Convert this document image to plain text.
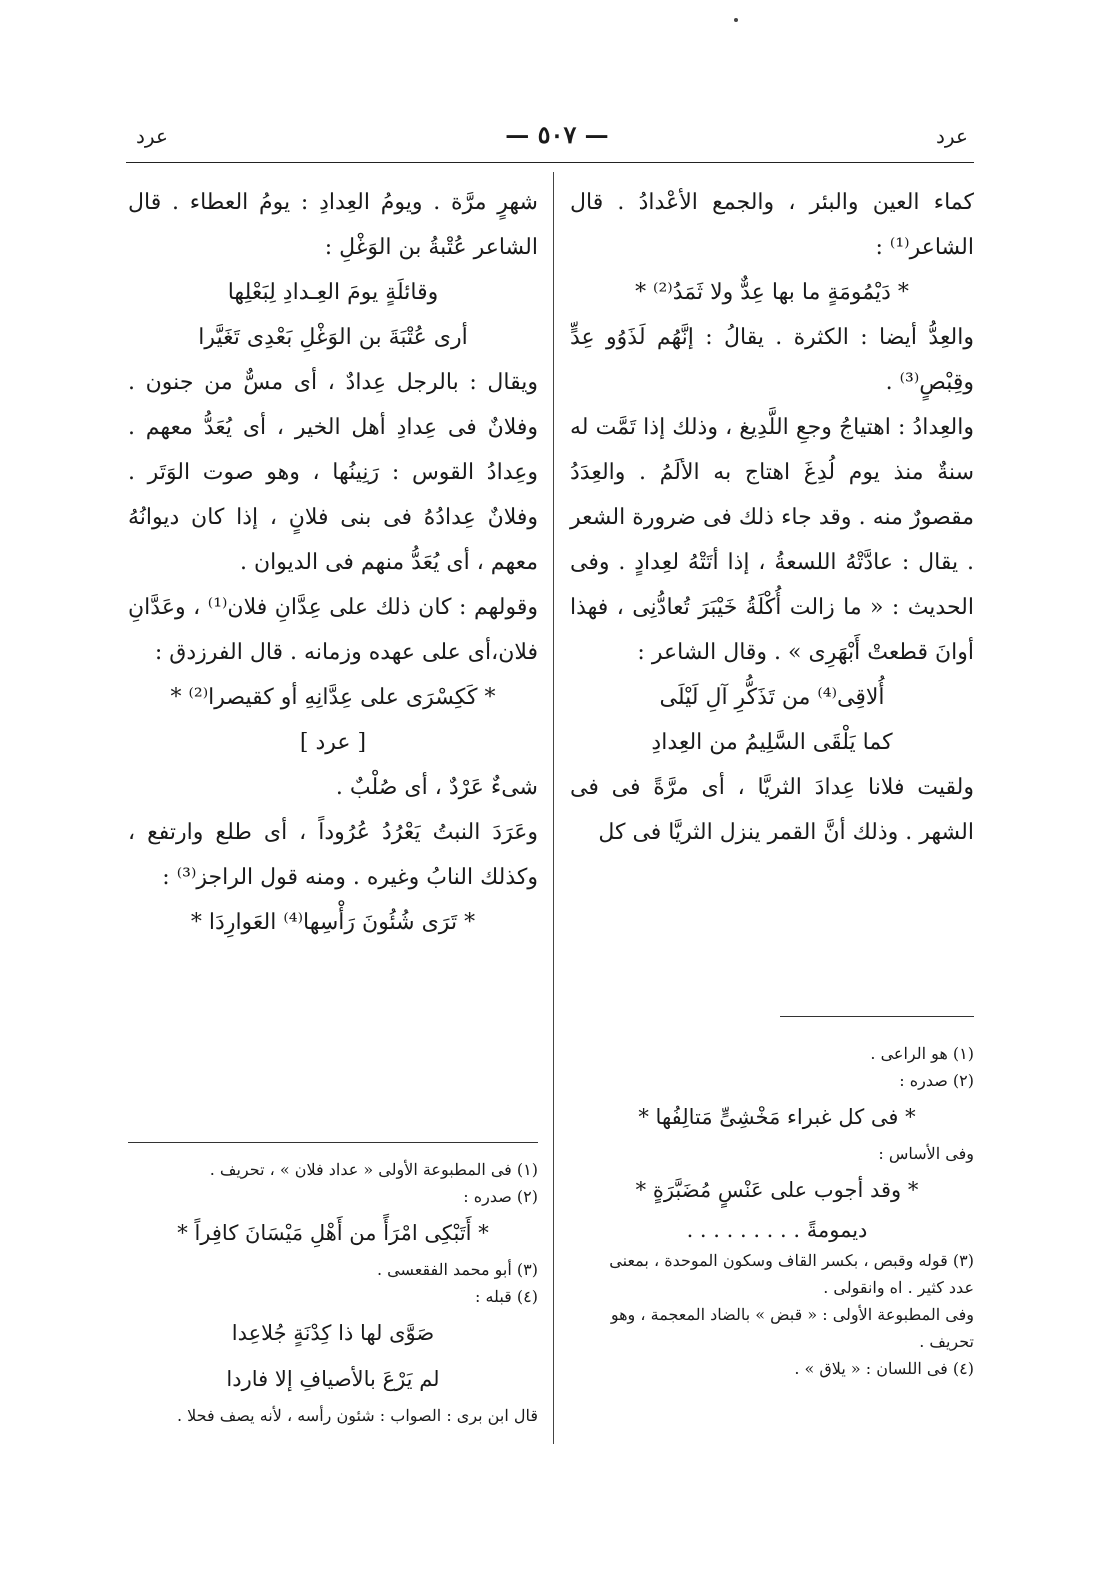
عرد
— ٥٠٧ —
عرد

كماء العين والبئر ، والجمع الأعْدادُ . قال الشاعر⁽¹⁾ :

* دَيْمُومَةٍ ما بها عِدٌّ ولا ثَمَدُ⁽²⁾ *

والعِدُّ أيضا : الكثرة . يقالُ : إنَّهُم لَذَوُو عِدٍّ وقِبْصٍ⁽³⁾ .

والعِدادُ : اهتياجُ وجعِ اللَّدِيغ ، وذلك إذا تَمَّت له سنةٌ منذ يوم لُدِغَ اهتاج به الألَمُ . والعِدَدُ مقصورٌ منه . وقد جاء ذلك فى ضرورة الشعر . يقال : عادَّتْهُ اللسعةُ ، إذا أتَتْهُ لعِدادٍ . وفى الحديث : « ما زالت أُكْلَةُ خَيْبَرَ تُعادُّنِى ، فهذا أوانَ قطعتْ أَبْهَرِى » . وقال الشاعر :

أُلاقِى⁽⁴⁾ من تَذَكُّرِ آلِ لَيْلَى

كما يَلْقَى السَّلِيمُ من العِدادِ

ولقيت فلانا عِدادَ الثريَّا ، أى مرَّةً فى فى الشهر . وذلك أنَّ القمر ينزل الثريَّا فى كل

شهرٍ مرَّة . ويومُ العِدادِ : يومُ العطاء . قال الشاعر عُتْبةُ بن الوَغْلِ :

وقائلَةٍ يومَ العِـدادِ لِبَعْلِها

أرى عُتْبَةَ بن الوَغْلِ بَعْدِى تَغَيَّرا

ويقال : بالرجل عِدادٌ ، أى مسٌّ من جنون . وفلانٌ فى عِدادِ أهل الخير ، أى يُعَدُّ معهم . وعِدادُ القوس : رَنِينُها ، وهو صوت الوَتَر . وفلانٌ عِدادُهُ فى بنى فلانٍ ، إذا كان ديوانُهُ معهم ، أى يُعَدُّ منهم فى الديوان .

وقولهم : كان ذلك على عِدَّانِ فلان⁽¹⁾ ، وعَدَّانِ فلان،أى على عهده وزمانه . قال الفرزدق :

* كَكِسْرَى على عِدَّانِهِ أو كقيصرا⁽²⁾ *

[ عرد ]

شىءٌ عَرْدٌ ، أى صُلْبٌ .

وعَرَدَ النبتُ يَعْرُدُ عُرُوداً ، أى طلع وارتفع ، وكذلك النابُ وغيره . ومنه قول الراجز⁽³⁾ :

* تَرَى شُئُونَ رَأْسِها⁽⁴⁾ العَوارِدَا *

(١) هو الراعى .

(٢) صدره :

* فى كل غبراء مَخْشِىٍّ مَتالِفُها *

وفى الأساس :

* وقد أجوب على عَنْسٍ مُضَبَّرَةٍ *

ديمومةً . . . . . . . . .

(٣) قوله وقبص ، بكسر القاف وسكون الموحدة ، بمعنى عدد كثير . اه وانقولى .

وفى المطبوعة الأولى : « قبض » بالضاد المعجمة ، وهو تحريف .

(٤) فى اللسان : « يلاق » .

(١) فى المطبوعة الأولى « عداد فلان » ، تحريف .

(٢) صدره :

* أَتَبْكِى امْرَأً من أَهْلِ مَيْسَانَ كافِراً *

(٣) أبو محمد الفقعسى .

(٤) قبله :

صَوَّى لها ذا كِدْنَةٍ جُلاعِدا

لم يَرْعَ بالأصيافِ إلا فاردا

قال ابن برى : الصواب : شئون رأسه ، لأنه يصف فحلا .
